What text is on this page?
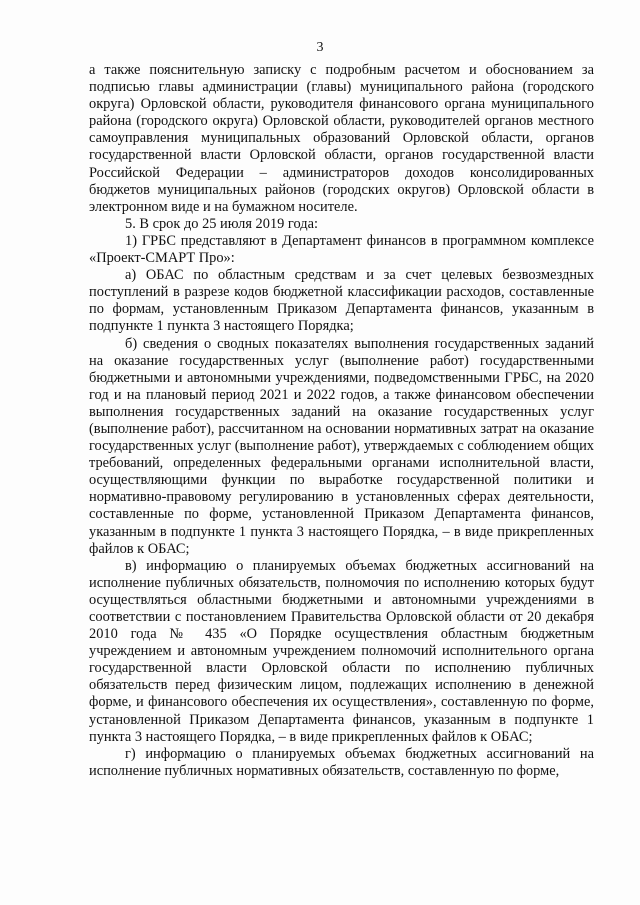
3

а также пояснительную записку с подробным расчетом и обоснованием за подписью главы администрации (главы) муниципального района (городского округа) Орловской области, руководителя финансового органа муниципального района (городского округа) Орловской области, руководителей органов местного самоуправления муниципальных образований Орловской области, органов государственной власти Орловской области, органов государственной власти Российской Федерации – администраторов доходов консолидированных бюджетов муниципальных районов (городских округов) Орловской области в электронном виде и на бумажном носителе.

5. В срок до 25 июля 2019 года:

1) ГРБС представляют в Департамент финансов в программном комплексе «Проект-СМАРТ Про»:

а) ОБАС по областным средствам и за счет целевых безвозмездных поступлений в разрезе кодов бюджетной классификации расходов, составленные по формам, установленным Приказом Департамента финансов, указанным в подпункте 1 пункта 3 настоящего Порядка;

б) сведения о сводных показателях выполнения государственных заданий на оказание государственных услуг (выполнение работ) государственными бюджетными и автономными учреждениями, подведомственными ГРБС, на 2020 год и на плановый период 2021 и 2022 годов, а также финансовом обеспечении выполнения государственных заданий на оказание государственных услуг (выполнение работ), рассчитанном на основании нормативных затрат на оказание государственных услуг (выполнение работ), утверждаемых с соблюдением общих требований, определенных федеральными органами исполнительной власти, осуществляющими функции по выработке государственной политики и нормативно-правовому регулированию в установленных сферах деятельности, составленные по форме, установленной Приказом Департамента финансов, указанным в подпункте 1 пункта 3 настоящего Порядка, – в виде прикрепленных файлов к ОБАС;

в) информацию о планируемых объемах бюджетных ассигнований на исполнение публичных обязательств, полномочия по исполнению которых будут осуществляться областными бюджетными и автономными учреждениями в соответствии с постановлением Правительства Орловской области от 20 декабря 2010 года № 435 «О Порядке осуществления областным бюджетным учреждением и автономным учреждением полномочий исполнительного органа государственной власти Орловской области по исполнению публичных обязательств перед физическим лицом, подлежащих исполнению в денежной форме, и финансового обеспечения их осуществления», составленную по форме, установленной Приказом Департамента финансов, указанным в подпункте 1 пункта 3 настоящего Порядка, – в виде прикрепленных файлов к ОБАС;

г) информацию о планируемых объемах бюджетных ассигнований на исполнение публичных нормативных обязательств, составленную по форме,
